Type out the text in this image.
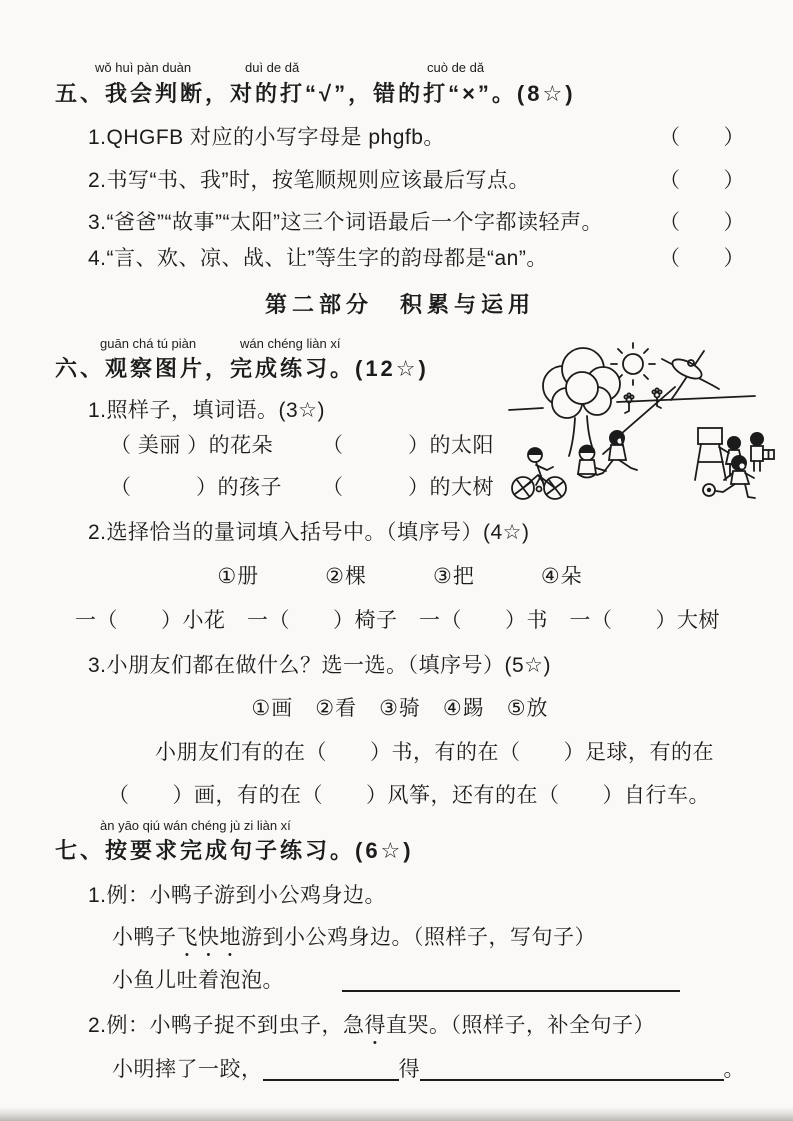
wǒ huì pàn duàn	duì de dǎ	cuò de dǎ
五、我会判断，对的打“√”，错的打“×”。(8☆)
1.QHGFB 对应的小写字母是 phgfb。	（　　）
2.书写“书、我”时，按笔顺规则应该最后写点。	（　　）
3.“爸爸”“故事”“太阳”这三个词语最后一个字都读轻声。	（　　）
4.“言、欢、凉、战、让”等生字的韵母都是“an”。	（　　）
第二部分　积累与运用
guān chá tú piàn	wán chéng liàn xí
六、观察图片，完成练习。(12☆)
1.照样子，填词语。(3☆)
（ 美丽 ）的花朵	（　　　）的太阳
（　　　）的孩子	（　　　）的大树
2.选择恰当的量词填入括号中。（填序号）(4☆)
①册　　　②棵　　　③把　　　④朵
一（　　）小花　一（　　）椅子　一（　　）书　一（　　）大树
3.小朋友们都在做什么？选一选。（填序号）(5☆)
①画　②看　③骑　④踢　⑤放
小朋友们有的在（　　）书，有的在（　　）足球，有的在
（　　）画，有的在（　　）风筝，还有的在（　　）自行车。
àn yāo qiú wán chéng jù zi liàn xí
七、按要求完成句子练习。(6☆)
1.例：小鸭子游到小公鸡身边。
小鸭子飞快地游到小公鸡身边。（照样子，写句子）
小鱼儿吐着泡泡。
2.例：小鸭子捉不到虫子，急得直哭。（照样子，补全句子）
小明摔了一跤，	得	。
